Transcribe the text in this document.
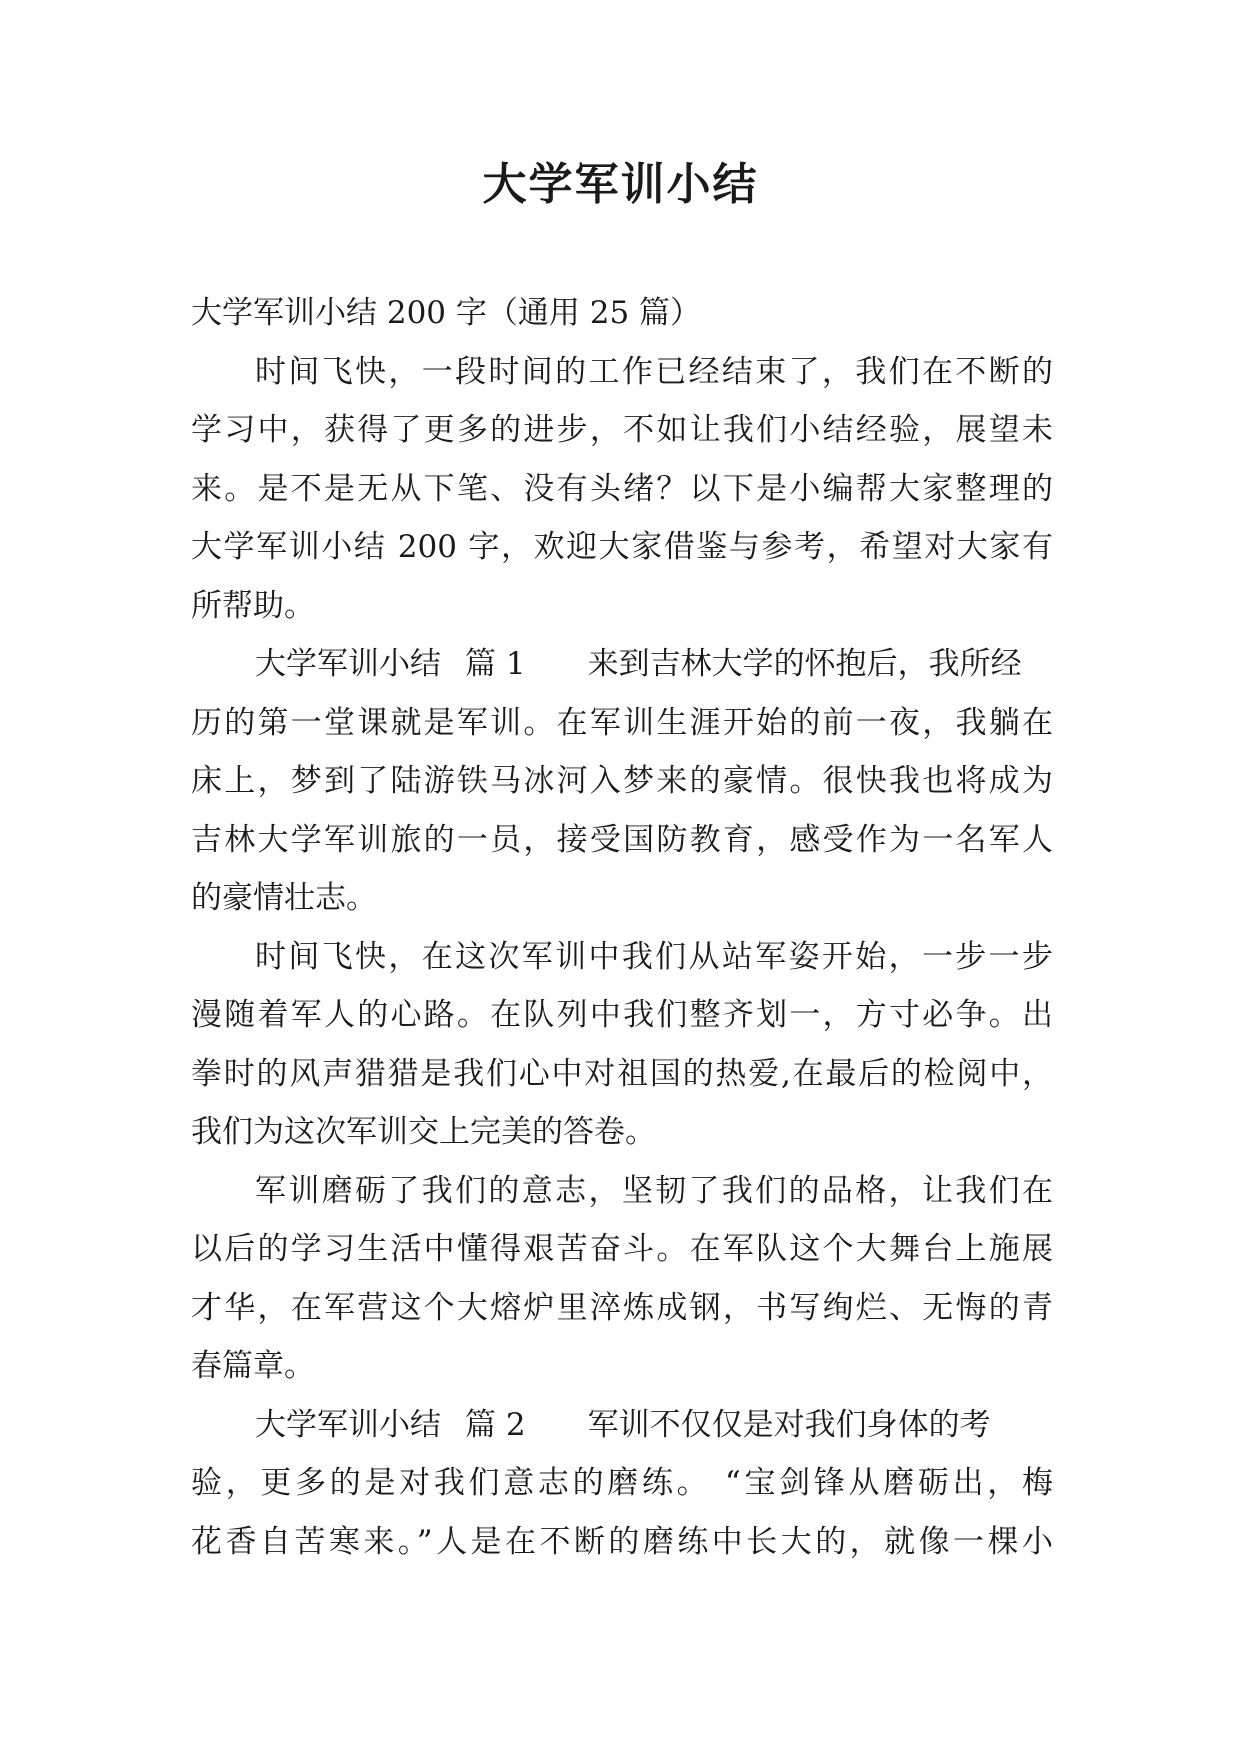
大学军训小结
大学军训小结 200 字（通用 25 篇）
时间飞快，一段时间的工作已经结束了，我们在不断的
学习中，获得了更多的进步，不如让我们小结经验，展望未
来。是不是无从下笔、没有头绪？以下是小编帮大家整理的
大学军训小结 200 字，欢迎大家借鉴与参考，希望对大家有
所帮助。
大学军训小结 篇 1 来到吉林大学的怀抱后，我所经
历的第一堂课就是军训。在军训生涯开始的前一夜，我躺在
床上，梦到了陆游铁马冰河入梦来的豪情。很快我也将成为
吉林大学军训旅的一员，接受国防教育，感受作为一名军人
的豪情壮志。
时间飞快，在这次军训中我们从站军姿开始，一步一步
漫随着军人的心路。在队列中我们整齐划一，方寸必争。出
拳时的风声猎猎是我们心中对祖国的热爱,在最后的检阅中，
我们为这次军训交上完美的答卷。
军训磨砺了我们的意志，坚韧了我们的品格，让我们在
以后的学习生活中懂得艰苦奋斗。在军队这个大舞台上施展
才华，在军营这个大熔炉里淬炼成钢，书写绚烂、无悔的青
春篇章。
大学军训小结 篇 2 军训不仅仅是对我们身体的考
验，更多的是对我们意志的磨练。 “宝剑锋从磨砺出，梅
花香自苦寒来。”人是在不断的磨练中长大的，就像一棵小
